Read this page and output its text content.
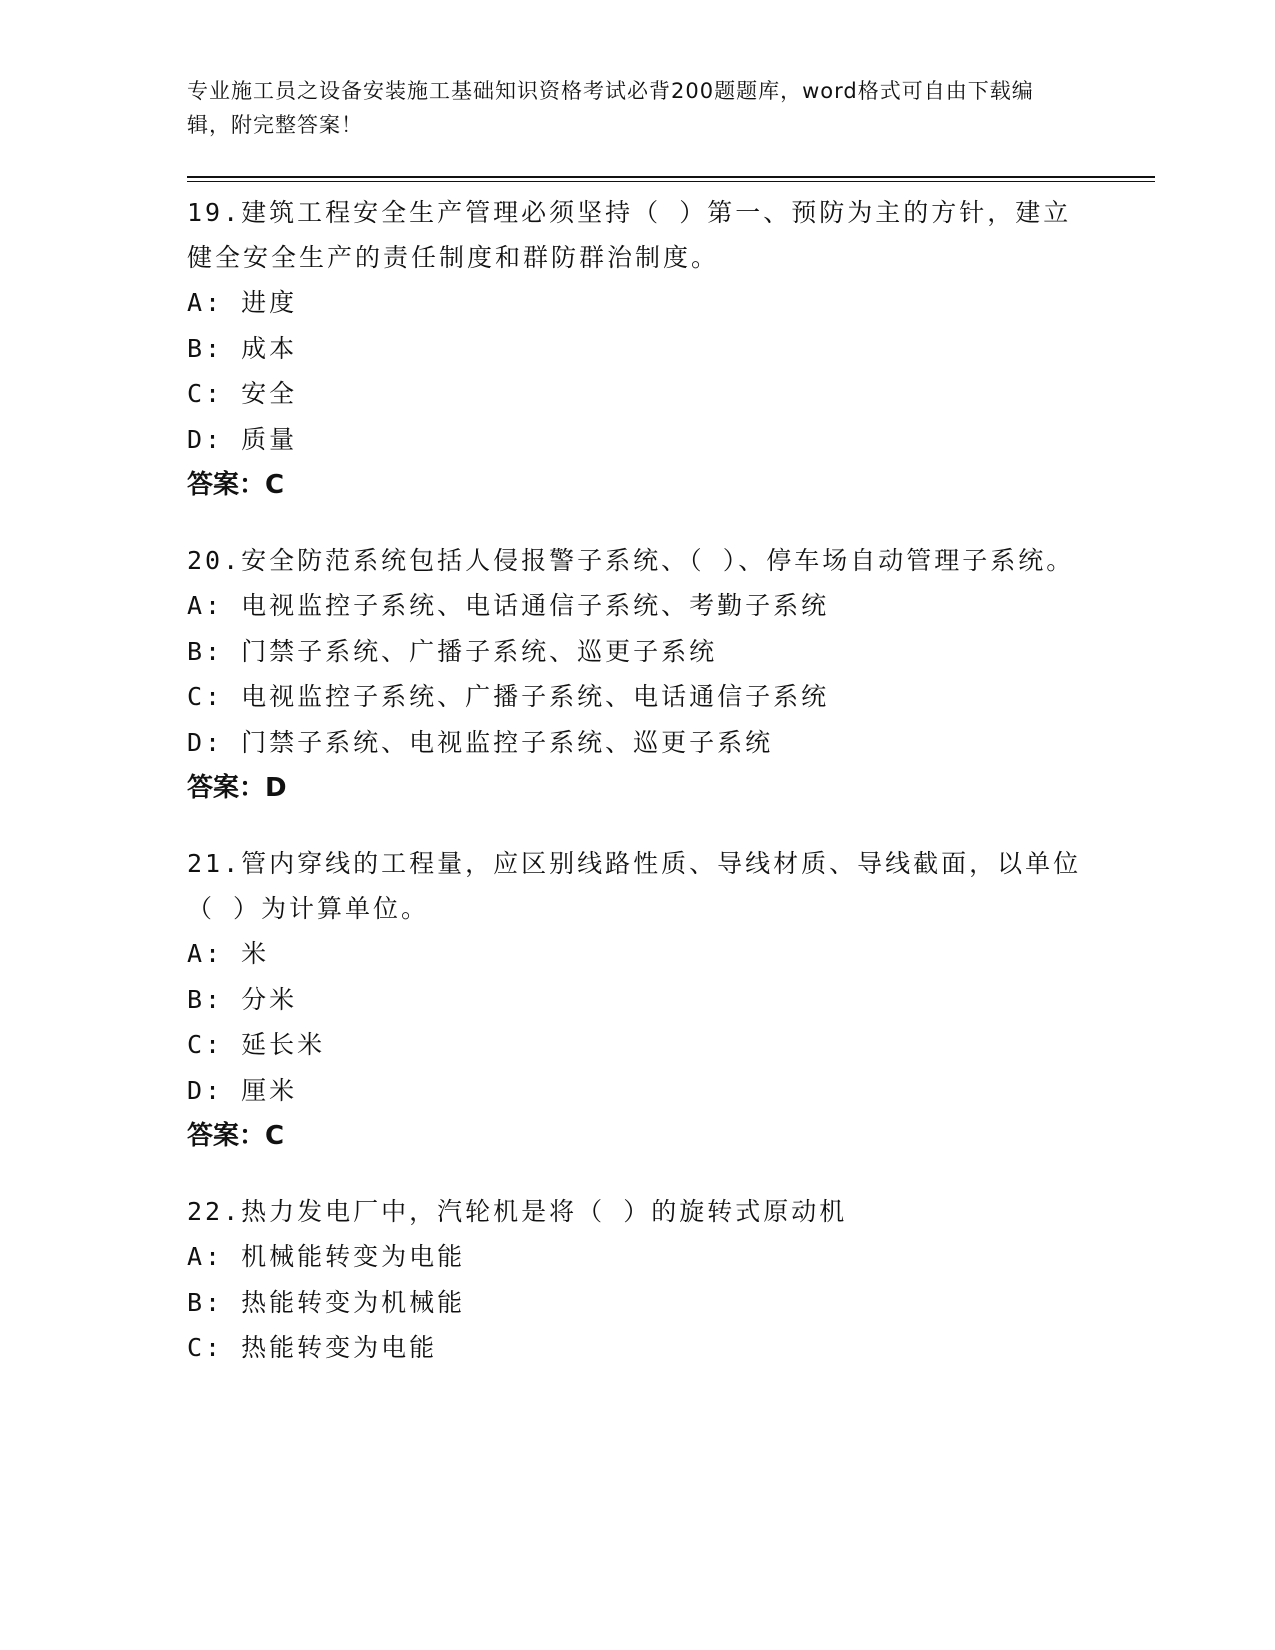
专业施工员之设备安装施工基础知识资格考试必背200题题库，word格式可自由下载编辑，附完整答案！

19.建筑工程安全生产管理必须坚持（ ）第一、预防为主的方针，建立健全安全生产的责任制度和群防群治制度。

A: 进度

B: 成本

C: 安全

D: 质量

答案：C

20.安全防范系统包括人侵报警子系统、（ ）、停车场自动管理子系统。

A: 电视监控子系统、电话通信子系统、考勤子系统

B: 门禁子系统、广播子系统、巡更子系统

C: 电视监控子系统、广播子系统、电话通信子系统

D: 门禁子系统、电视监控子系统、巡更子系统

答案：D

21.管内穿线的工程量，应区别线路性质、导线材质、导线截面，以单位（ ）为计算单位。

A: 米

B: 分米

C: 延长米

D: 厘米

答案：C

22.热力发电厂中，汽轮机是将（ ）的旋转式原动机

A: 机械能转变为电能

B: 热能转变为机械能

C: 热能转变为电能
